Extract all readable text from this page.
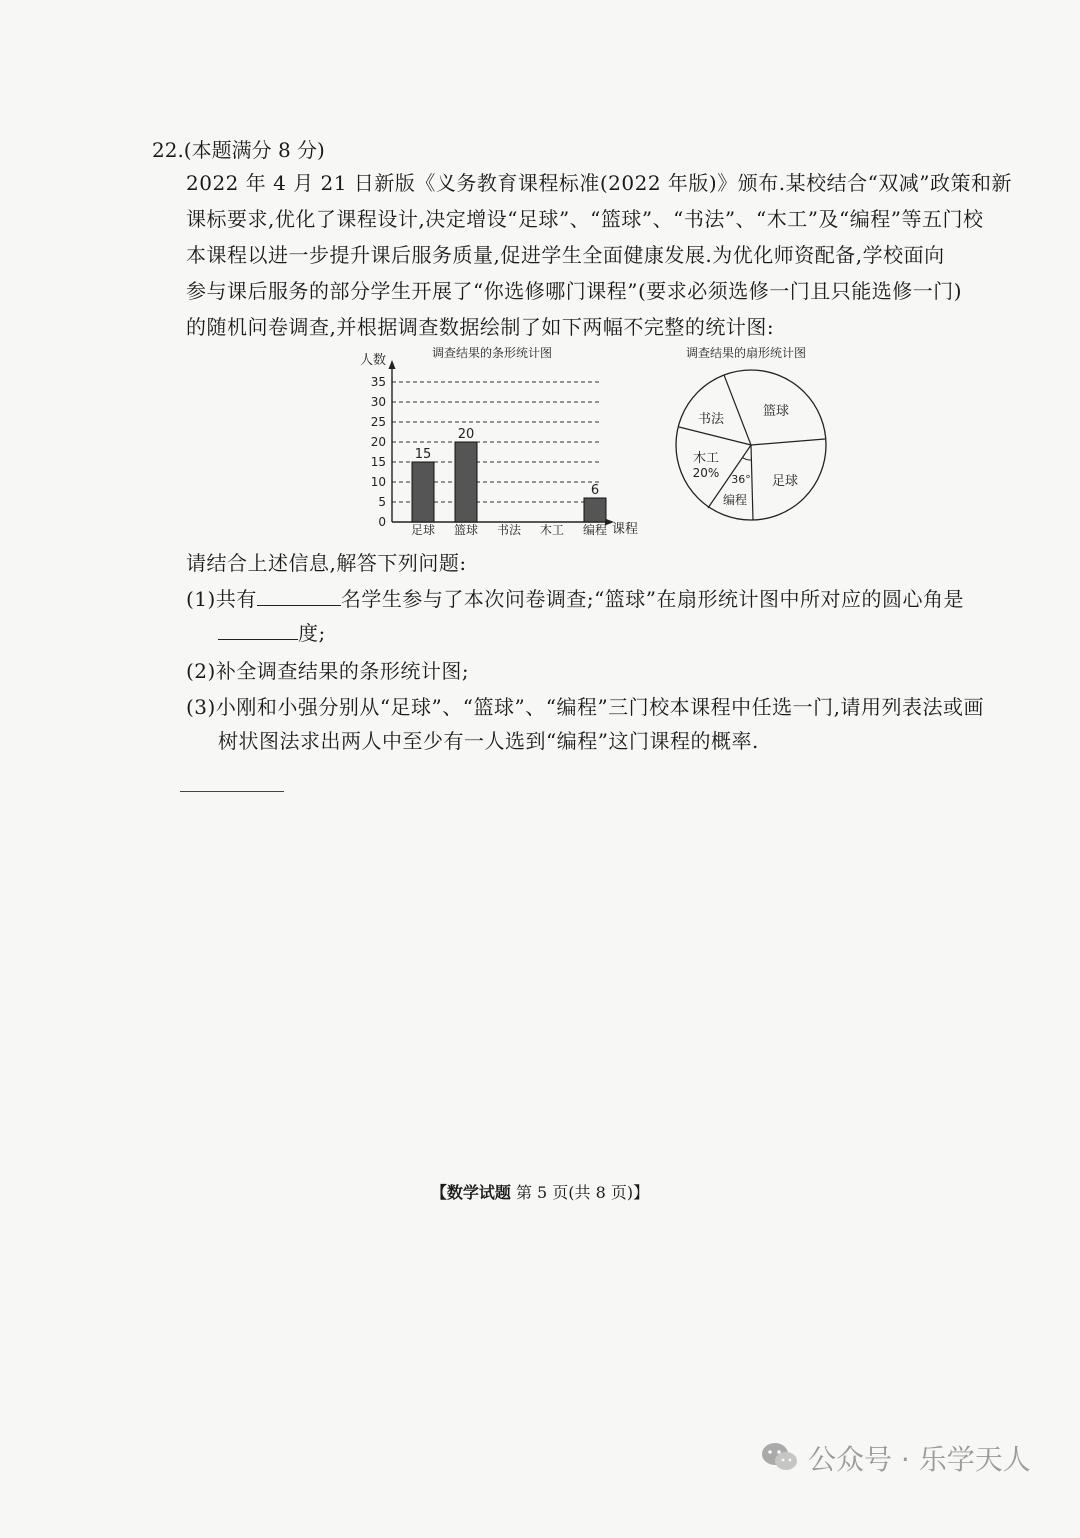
22.(本题满分 8 分)
2022 年 4 月 21 日新版《义务教育课程标准(2022 年版)》颁布.某校结合“双减”政策和新
课标要求,优化了课程设计,决定增设“足球”、“篮球”、“书法”、“木工”及“编程”等五门校
本课程以进一步提升课后服务质量,促进学生全面健康发展.为优化师资配备,学校面向
参与课后服务的部分学生开展了“你选修哪门课程”(要求必须选修一门且只能选修一门)
的随机问卷调查,并根据调查数据绘制了如下两幅不完整的统计图:
调查结果的条形统计图
人数
15
20
6
课程
0
5
10
15
20
25
30
35
足球 篮球 书法 木工 编程
调查结果的扇形统计图
篮球
足球
36°
编程
木工
20%
书法
请结合上述信息,解答下列问题:
(1)共有	名学生参与了本次问卷调查;“篮球”在扇形统计图中所对应的圆心角是
度;
(2)补全调查结果的条形统计图;
(3)小刚和小强分别从“足球”、“篮球”、“编程”三门校本课程中任选一门,请用列表法或画
树状图法求出两人中至少有一人选到“编程”这门课程的概率.
【数学试题 第 5 页(共 8 页)】
公众号 · 乐学天人
